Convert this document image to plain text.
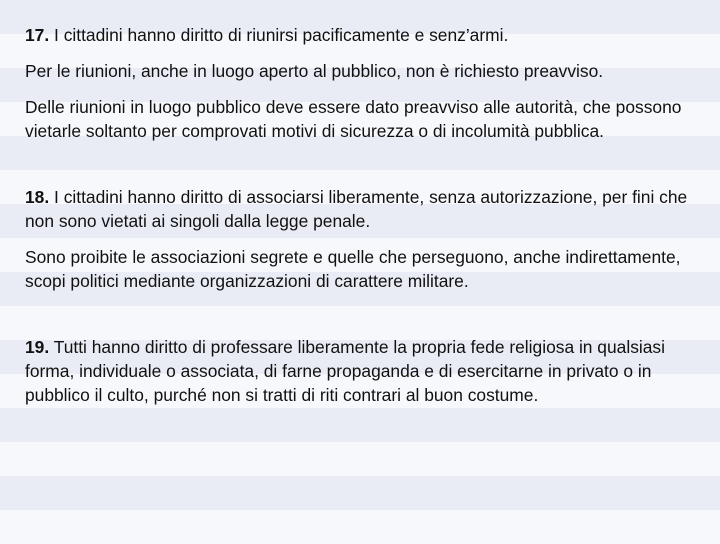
17. I cittadini hanno diritto di riunirsi pacificamente e senz’armi.

Per le riunioni, anche in luogo aperto al pubblico, non è richiesto preavviso.

Delle riunioni in luogo pubblico deve essere dato preavviso alle autorità, che possono vietarle soltanto per comprovati motivi di sicurezza o di incolumità pubblica.

18. I cittadini hanno diritto di associarsi liberamente, senza autorizzazione, per fini che non sono vietati ai singoli dalla legge penale.

Sono proibite le associazioni segrete e quelle che perseguono, anche indirettamente, scopi politici mediante organizzazioni di carattere militare.

19. Tutti hanno diritto di professare liberamente la propria fede religiosa in qualsiasi forma, individuale o associata, di farne propaganda e di esercitarne in privato o in pubblico il culto, purché non si tratti di riti contrari al buon costume.
